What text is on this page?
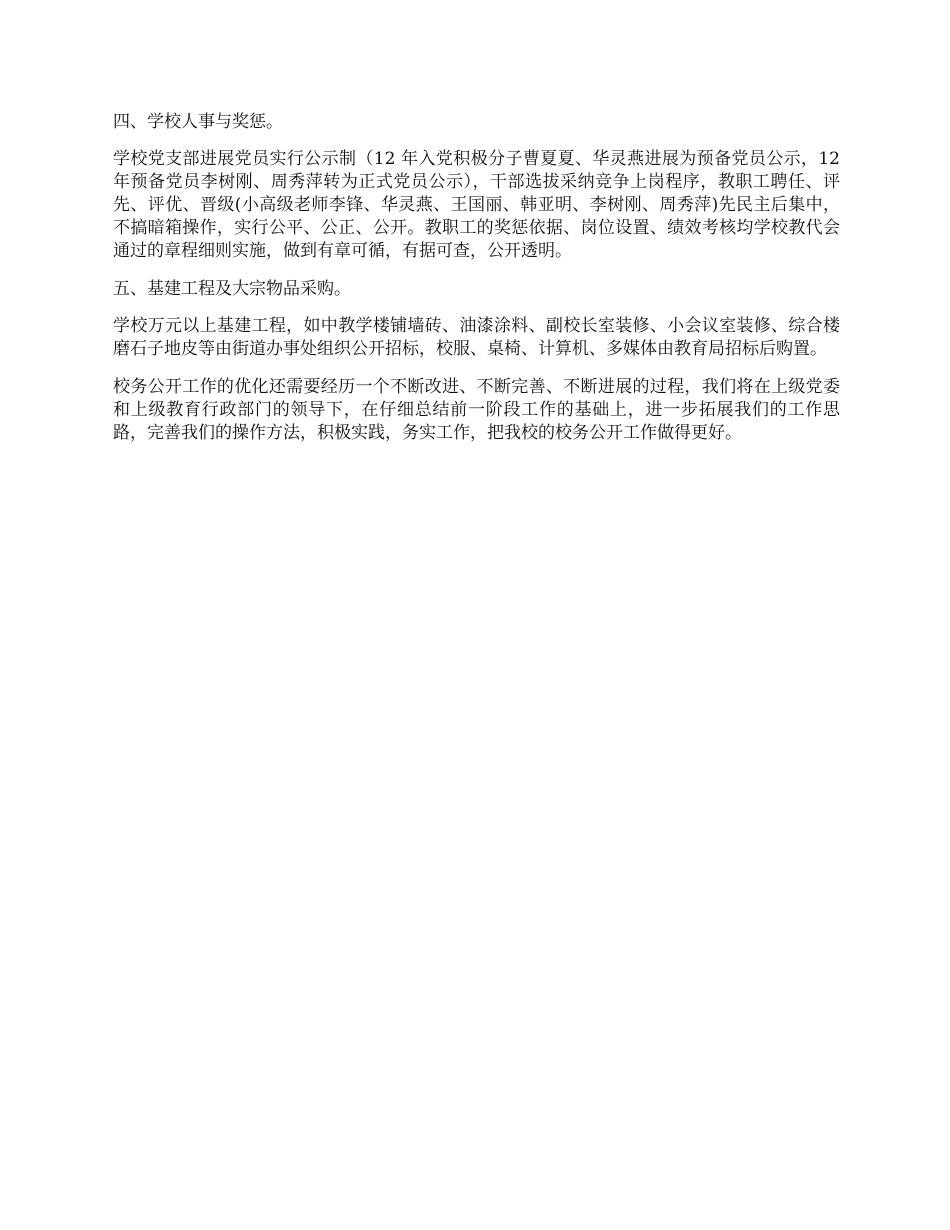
四、学校人事与奖惩。

学校党支部进展党员实行公示制（12 年入党积极分子曹夏夏、华灵燕进展为预备党员公示，12 年预备党员李树刚、周秀萍转为正式党员公示），干部选拔采纳竞争上岗程序，教职工聘任、评先、评优、晋级(小高级老师李锋、华灵燕、王国丽、韩亚明、李树刚、周秀萍)先民主后集中，不搞暗箱操作，实行公平、公正、公开。教职工的奖惩依据、岗位设置、绩效考核均学校教代会通过的章程细则实施，做到有章可循，有据可查，公开透明。

五、基建工程及大宗物品采购。

学校万元以上基建工程，如中教学楼铺墙砖、油漆涂料、副校长室装修、小会议室装修、综合楼磨石子地皮等由街道办事处组织公开招标，校服、桌椅、计算机、多媒体由教育局招标后购置。

校务公开工作的优化还需要经历一个不断改进、不断完善、不断进展的过程，我们将在上级党委和上级教育行政部门的领导下，在仔细总结前一阶段工作的基础上，进一步拓展我们的工作思路，完善我们的操作方法，积极实践，务实工作，把我校的校务公开工作做得更好。
